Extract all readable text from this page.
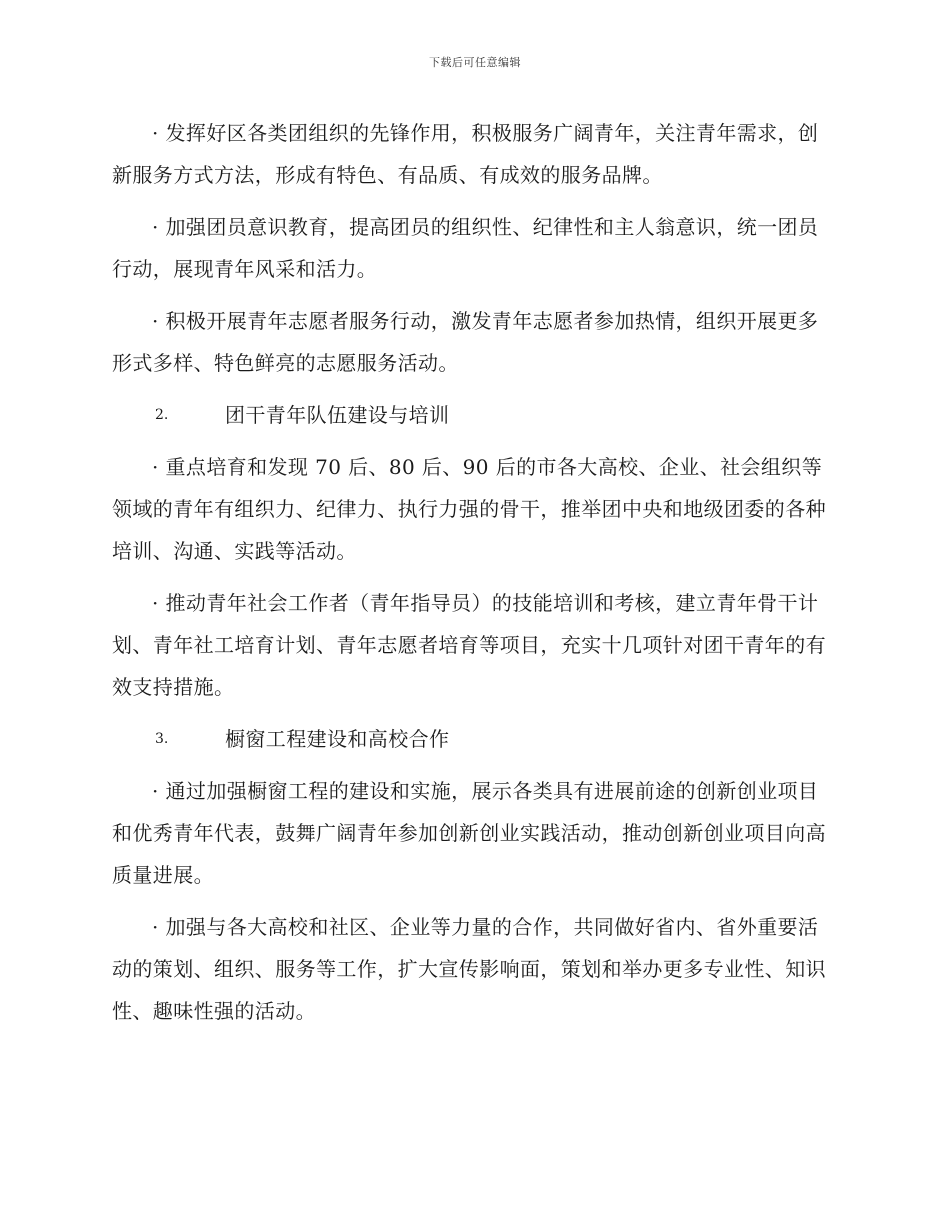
下载后可任意编辑

· 发挥好区各类团组织的先锋作用，积极服务广阔青年，关注青年需求，创新服务方式方法，形成有特色、有品质、有成效的服务品牌。

· 加强团员意识教育，提高团员的组织性、纪律性和主人翁意识，统一团员行动，展现青年风采和活力。

· 积极开展青年志愿者服务行动，激发青年志愿者参加热情，组织开展更多形式多样、特色鲜亮的志愿服务活动。

2.	团干青年队伍建设与培训

· 重点培育和发现 70 后、80 后、90 后的市各大高校、企业、社会组织等领域的青年有组织力、纪律力、执行力强的骨干，推举团中央和地级团委的各种培训、沟通、实践等活动。

· 推动青年社会工作者（青年指导员）的技能培训和考核，建立青年骨干计划、青年社工培育计划、青年志愿者培育等项目，充实十几项针对团干青年的有效支持措施。

3.	橱窗工程建设和高校合作

· 通过加强橱窗工程的建设和实施，展示各类具有进展前途的创新创业项目和优秀青年代表，鼓舞广阔青年参加创新创业实践活动，推动创新创业项目向高质量进展。

· 加强与各大高校和社区、企业等力量的合作，共同做好省内、省外重要活动的策划、组织、服务等工作，扩大宣传影响面，策划和举办更多专业性、知识性、趣味性强的活动。
